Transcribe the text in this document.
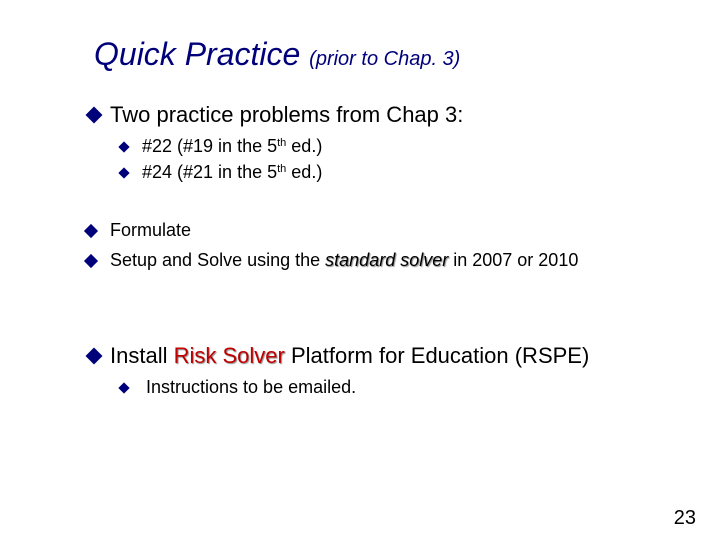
Quick Practice (prior to Chap. 3)
Two practice problems from Chap 3:
#22 (#19 in the 5th ed.)
#24 (#21 in the 5th ed.)
Formulate
Setup and Solve using the standard solver in 2007 or 2010
Install Risk Solver Platform for Education (RSPE)
Instructions to be emailed.
23
